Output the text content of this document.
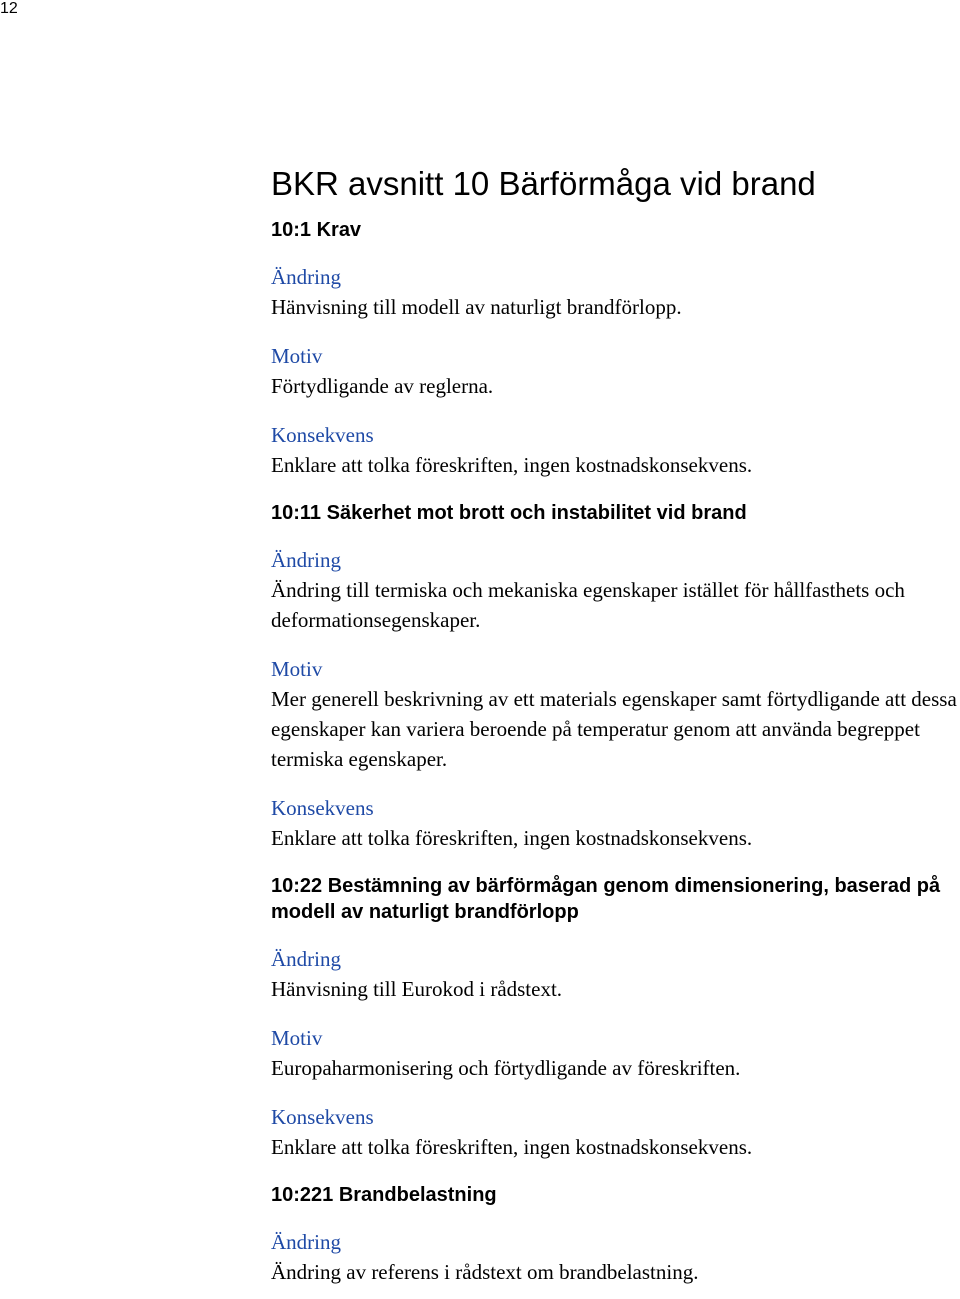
12
BKR avsnitt 10 Bärförmåga vid brand

10:1 Krav

Ändring

Hänvisning till modell av naturligt brandförlopp.

Motiv

Förtydligande av reglerna.

Konsekvens

Enklare att tolka föreskriften, ingen kostnadskonsekvens.

10:11 Säkerhet mot brott och instabilitet vid brand

Ändring

Ändring till termiska och mekaniska egenskaper istället för hållfasthets och deformationsegenskaper.

Motiv

Mer generell beskrivning av ett materials egenskaper samt förtydligande att dessa egenskaper kan variera beroende på temperatur genom att använda begreppet termiska egenskaper.

Konsekvens

Enklare att tolka föreskriften, ingen kostnadskonsekvens.

10:22 Bestämning av bärförmågan genom dimensionering, baserad på modell av naturligt brandförlopp

Ändring

Hänvisning till Eurokod i rådstext.

Motiv

Europaharmonisering och förtydligande av föreskriften.

Konsekvens

Enklare att tolka föreskriften, ingen kostnadskonsekvens.

10:221 Brandbelastning

Ändring

Ändring av referens i rådstext om brandbelastning.
